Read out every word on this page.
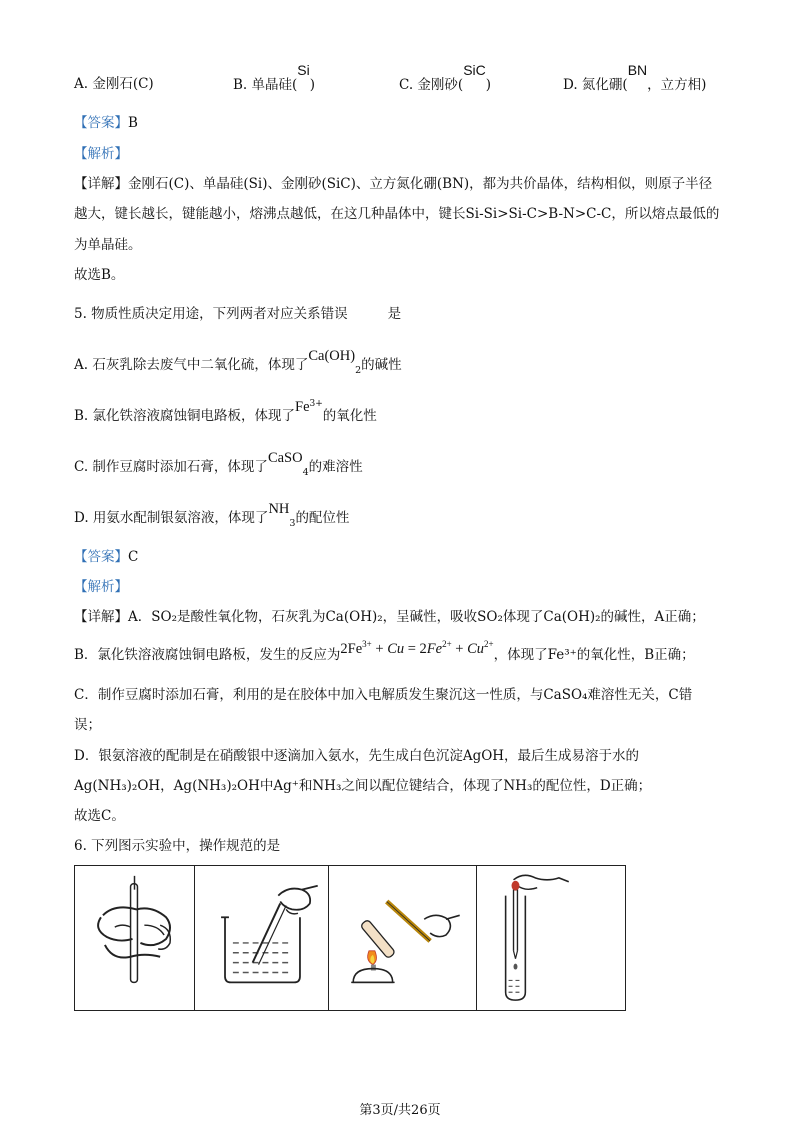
A. 金刚石(C)	B. 单晶硅(Si)	C. 金刚砂(SiC)	D. 氮化硼(BN，立方相)
【答案】B
【解析】
【详解】金刚石(C)、单晶硅(Si)、金刚砂(SiC)、立方氮化硼(BN)，都为共价晶体，结构相似，则原子半径
越大，键长越长，键能越小，熔沸点越低，在这几种晶体中，键长Si-Si>Si-C>B-N>C-C，所以熔点最低的
为单晶硅。
故选B。
5. 物质性质决定用途，下列两者对应关系错误	是
A. 石灰乳除去废气中二氧化硫，体现了$Ca(OH)_2$的碱性
B. 氯化铁溶液腐蚀铜电路板，体现了$Fe^{3+}$的氧化性
C. 制作豆腐时添加石膏，体现了CaSO$_4$的难溶性
D. 用氨水配制银氨溶液，体现了$NH_3$的配位性
【答案】C
【解析】
【详解】A．SO₂是酸性氧化物，石灰乳为Ca(OH)₂，呈碱性，吸收SO₂体现了Ca(OH)₂的碱性，A正确；
B．氯化铁溶液腐蚀铜电路板，发生的反应为$2Fe^{3+} + Cu = 2Fe^{2+} + Cu^{2+}$，体现了Fe³⁺的氧化性，B正确；
C．制作豆腐时添加石膏，利用的是在胶体中加入电解质发生聚沉这一性质，与CaSO₄难溶性无关，C错
误；
D．银氨溶液的配制是在硝酸银中逐滴加入氨水，先生成白色沉淀AgOH，最后生成易溶于水的
Ag(NH₃)₂OH，Ag(NH₃)₂OH中Ag⁺和NH₃之间以配位键结合，体现了NH₃的配位性，D正确；
故选C。
6. 下列图示实验中，操作规范的是
第3页/共26页
